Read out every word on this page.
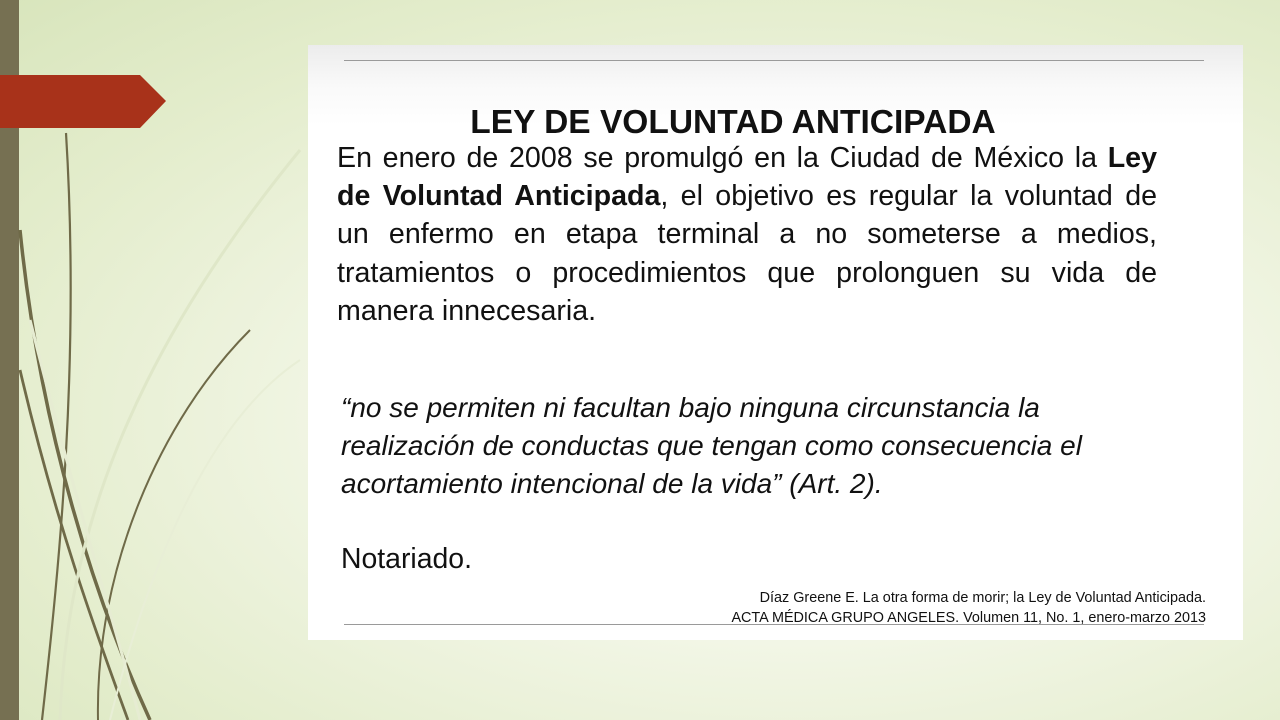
LEY DE VOLUNTAD ANTICIPADA

En enero de 2008 se promulgó en la Ciudad de México la Ley de Voluntad Anticipada, el objetivo es regular la voluntad de un enfermo en etapa terminal a no someterse a medios, tratamientos o procedimientos que prolonguen su vida de manera innecesaria.

“no se permiten ni facultan bajo ninguna circunstancia la realización de conductas que tengan como consecuencia el acortamiento intencional de la vida” (Art. 2).

Notariado.

Díaz Greene E. La otra forma de morir; la Ley de Voluntad Anticipada.
ACTA MÉDICA GRUPO ANGELES. Volumen 11, No. 1, enero-marzo 2013
